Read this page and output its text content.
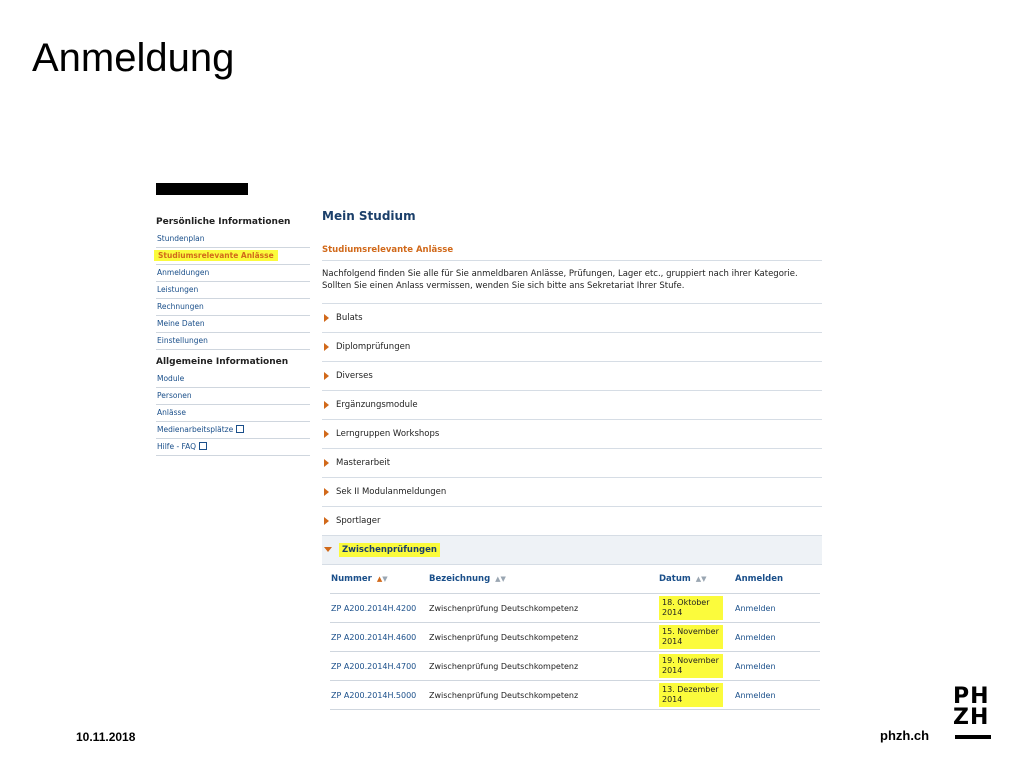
Anmeldung
Persönliche Informationen
Stundenplan
Studiumsrelevante Anlässe
Anmeldungen
Leistungen
Rechnungen
Meine Daten
Einstellungen
Allgemeine Informationen
Module
Personen
Anlässe
Medienarbeitsplätze
Hilfe - FAQ
Mein Studium
Studiumsrelevante Anlässe
Nachfolgend finden Sie alle für Sie anmeldbaren Anlässe, Prüfungen, Lager etc., gruppiert nach ihrer Kategorie. Sollten Sie einen Anlass vermissen, wenden Sie sich bitte ans Sekretariat Ihrer Stufe.
Bulats
Diplomprüfungen
Diverses
Ergänzungsmodule
Lerngruppen Workshops
Masterarbeit
Sek II Modulanmeldungen
Sportlager
Zwischenprüfungen
Nummer ▲▼	Bezeichnung ▲▼	Datum ▲▼	Anmelden
ZP A200.2014H.4200	Zwischenprüfung Deutschkompetenz	18. Oktober 2014	Anmelden
ZP A200.2014H.4600	Zwischenprüfung Deutschkompetenz	15. November 2014	Anmelden
ZP A200.2014H.4700	Zwischenprüfung Deutschkompetenz	19. November 2014	Anmelden
ZP A200.2014H.5000	Zwischenprüfung Deutschkompetenz	13. Dezember 2014	Anmelden
10.11.2018	phzh.ch
PH
ZH
